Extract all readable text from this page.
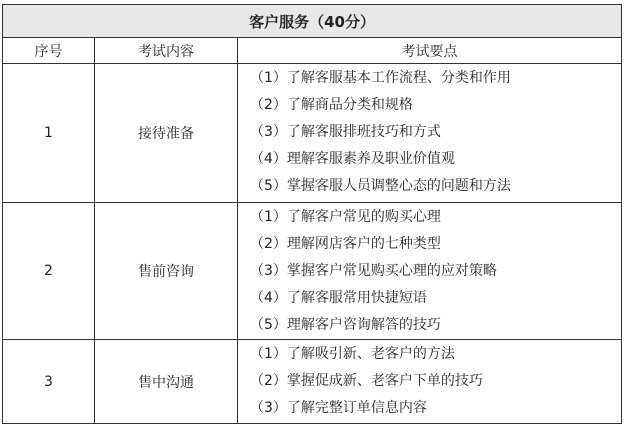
客户服务（40分）		
序号	考试内容	考试要点
1	接待准备	（1）了解客服基本工作流程、分类和作用
（2）了解商品分类和规格
（3）了解客服排班技巧和方式
（4）理解客服素养及职业价值观
（5）掌握客服人员调整心态的问题和方法

2	售前咨询	（1）了解客户常见的购买心理
（2）理解网店客户的七种类型
（3）掌握客户常见购买心理的应对策略
（4）了解客服常用快捷短语
（5）理解客户咨询解答的技巧

3	售中沟通	（1）了解吸引新、老客户的方法
（2）掌握促成新、老客户下单的技巧
（3）了解完整订单信息内容
